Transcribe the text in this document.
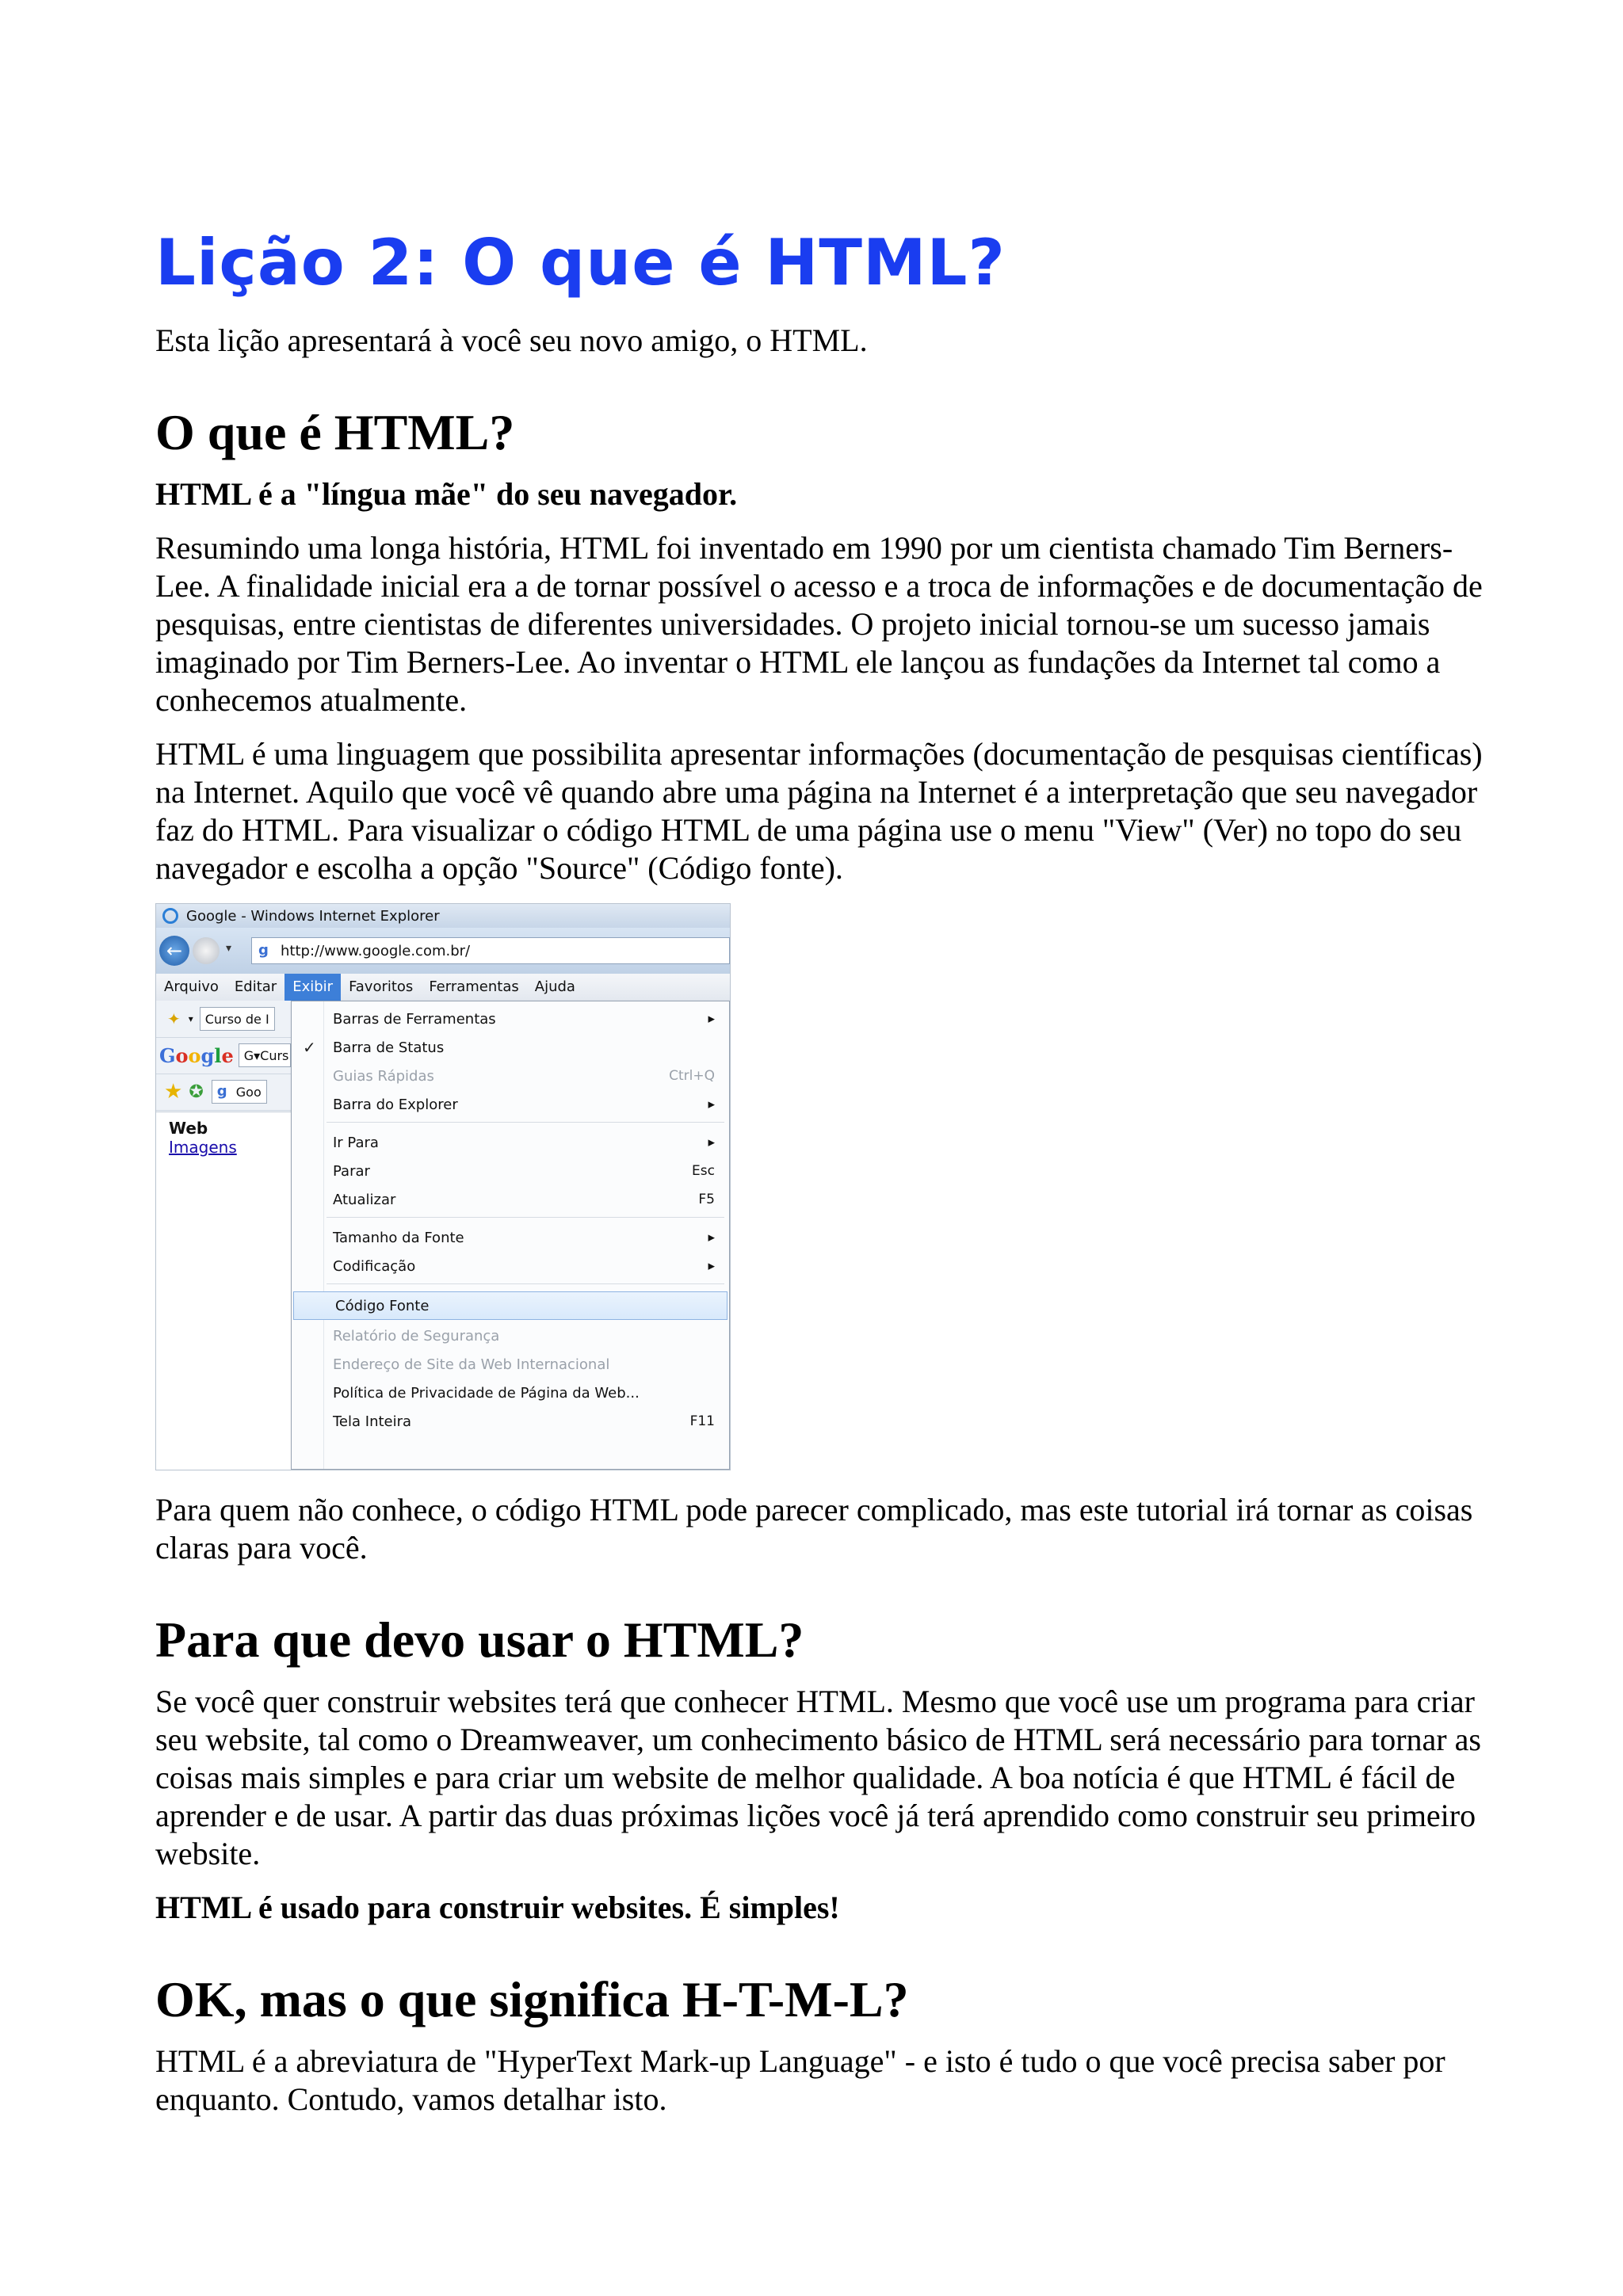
Lição 2: O que é HTML?

Esta lição apresentará à você seu novo amigo, o HTML.

O que é HTML?

HTML é a "língua mãe" do seu navegador.

Resumindo uma longa história, HTML foi inventado em 1990 por um cientista chamado Tim Berners-Lee. A finalidade inicial era a de tornar possível o acesso e a troca de informações e de documentação de pesquisas, entre cientistas de diferentes universidades. O projeto inicial tornou-se um sucesso jamais imaginado por Tim Berners-Lee. Ao inventar o HTML ele lançou as fundações da Internet tal como a conhecemos atualmente.

HTML é uma linguagem que possibilita apresentar informações (documentação de pesquisas científicas) na Internet. Aquilo que você vê quando abre uma página na Internet é a interpretação que seu navegador faz do HTML. Para visualizar o código HTML de uma página use o menu "View" (Ver) no topo do seu navegador e escolha a opção "Source" (Código fonte).

Google - Windows Internet Explorer
←	▾ g http://www.google.com.br/
Arquivo	Editar	Exibir	Favoritos	Ferramentas	Ajuda
✦ ▾ Curso de I
Google G▾ Curs
★ ✪ g Goo
Web Imagens
Barras de Ferramentas	▸
✓ Barra de Status
Guias Rápidas	Ctrl+Q
Barra do Explorer	▸
Ir Para	▸
Parar	Esc
Atualizar	F5
Tamanho da Fonte	▸
Codificação	▸
Código Fonte
Relatório de Segurança
Endereço de Site da Web Internacional
Política de Privacidade de Página da Web...
Tela Inteira	F11

Para quem não conhece, o código HTML pode parecer complicado, mas este tutorial irá tornar as coisas claras para você.

Para que devo usar o HTML?

Se você quer construir websites terá que conhecer HTML. Mesmo que você use um programa para criar seu website, tal como o Dreamweaver, um conhecimento básico de HTML será necessário para tornar as coisas mais simples e para criar um website de melhor qualidade. A boa notícia é que HTML é fácil de aprender e de usar. A partir das duas próximas lições você já terá aprendido como construir seu primeiro website.

HTML é usado para construir websites. É simples!

OK, mas o que significa H-T-M-L?

HTML é a abreviatura de "HyperText Mark-up Language" - e isto é tudo o que você precisa saber por enquanto. Contudo, vamos detalhar isto.
